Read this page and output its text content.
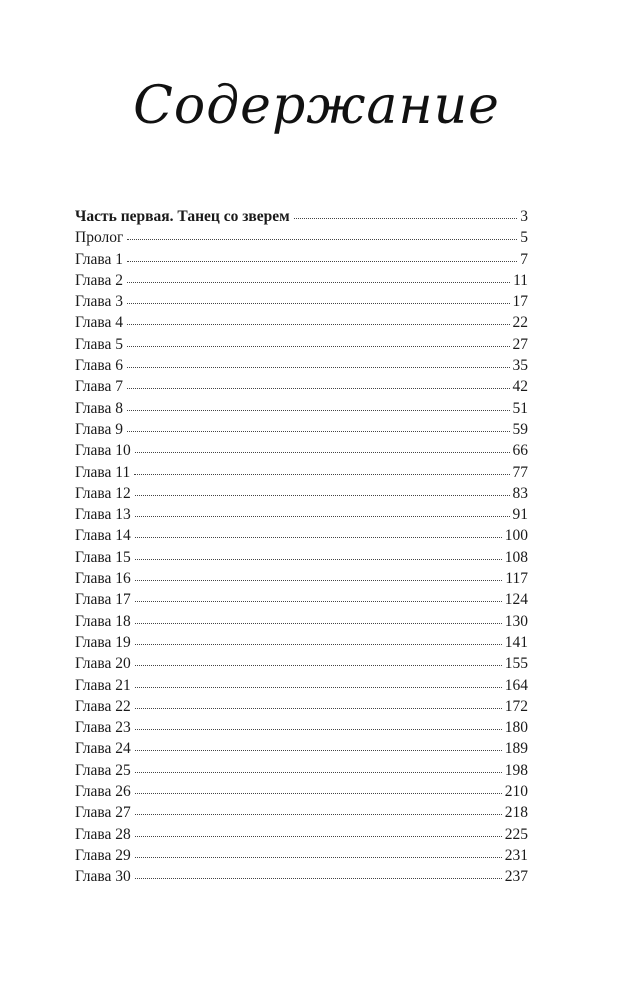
Содержание
Часть первая. Танец со зверем	3
Пролог	5
Глава 1	7
Глава 2	11
Глава 3	17
Глава 4	22
Глава 5	27
Глава 6	35
Глава 7	42
Глава 8	51
Глава 9	59
Глава 10	66
Глава 11	77
Глава 12	83
Глава 13	91
Глава 14	100
Глава 15	108
Глава 16	117
Глава 17	124
Глава 18	130
Глава 19	141
Глава 20	155
Глава 21	164
Глава 22	172
Глава 23	180
Глава 24	189
Глава 25	198
Глава 26	210
Глава 27	218
Глава 28	225
Глава 29	231
Глава 30	237
